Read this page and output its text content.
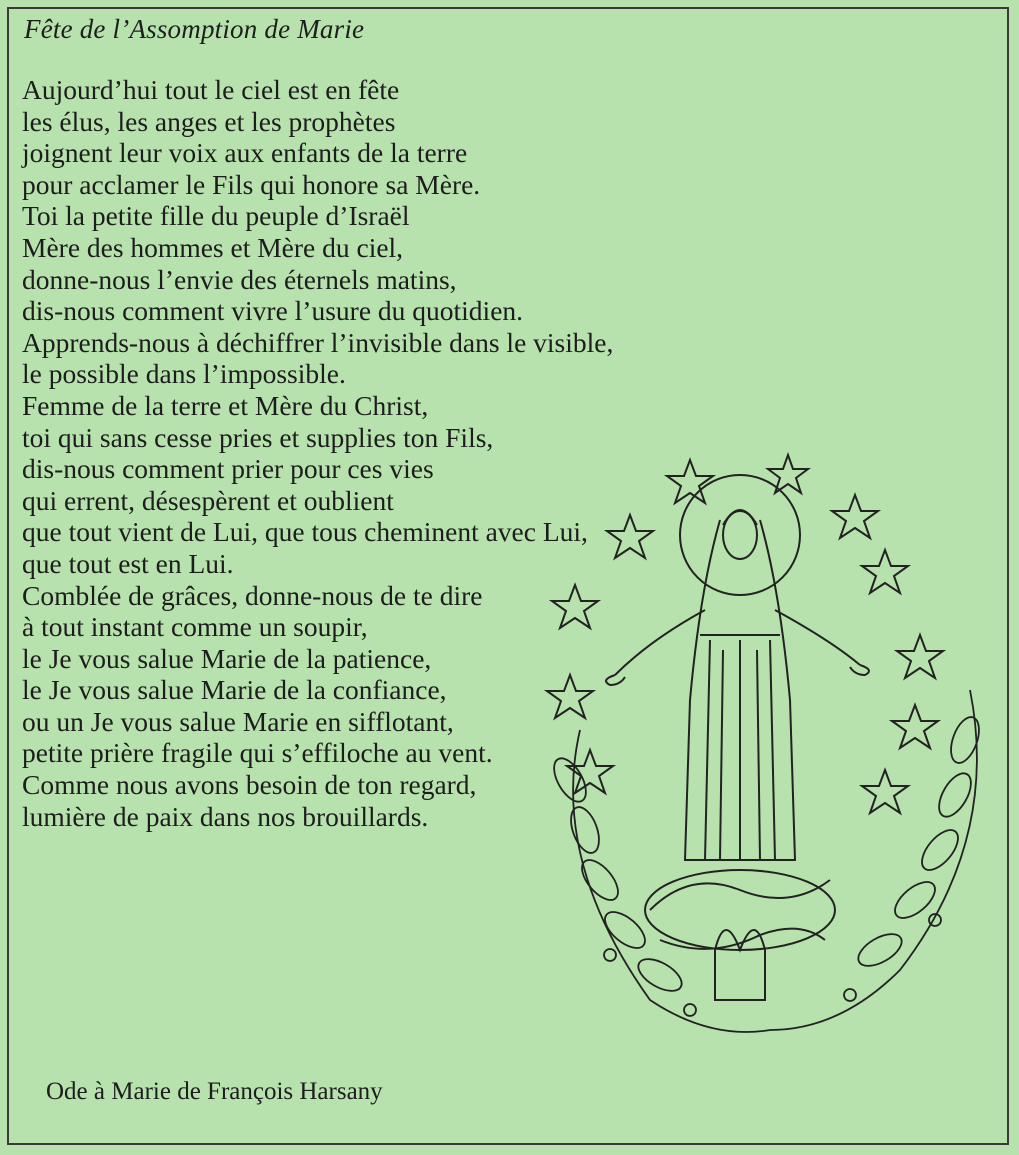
Fête de l’Assomption de Marie
Aujourd’hui tout le ciel est en fête
les élus, les anges et les prophètes
joignent leur voix aux enfants de la terre
pour acclamer le Fils qui honore sa Mère.
Toi la petite fille du peuple d’Israël
Mère des hommes et Mère du ciel,
donne-nous l’envie des éternels matins,
dis-nous comment vivre l’usure du quotidien.
Apprends-nous à déchiffrer l’invisible dans le visible,
le possible dans l’impossible.
Femme de la terre et Mère du Christ,
toi qui sans cesse pries et supplies ton Fils,
dis-nous comment prier pour ces vies
qui errent, désespèrent et oublient
que tout vient de Lui, que tous cheminent avec Lui,
que tout est en Lui.
Comblée de grâces, donne-nous de te dire
à tout instant comme un soupir,
le Je vous salue Marie de la patience,
le Je vous salue Marie de la confiance,
ou un Je vous salue Marie en sifflotant,
petite prière fragile qui s’effiloche au vent.
Comme nous avons besoin de ton regard,
lumière de paix dans nos brouillards.
Ode à Marie de François Harsany
